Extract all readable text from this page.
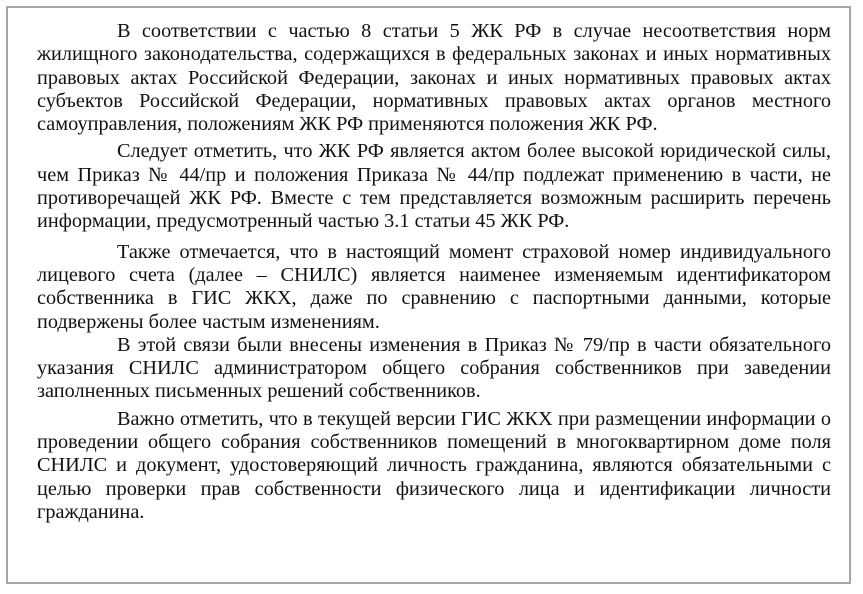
В соответствии с частью 8 статьи 5 ЖК РФ в случае несоответствия норм жилищного законодательства, содержащихся в федеральных законах и иных нормативных правовых актах Российской Федерации, законах и иных нормативных правовых актах субъектов Российской Федерации, нормативных правовых актах органов местного самоуправления, положениям ЖК РФ применяются положения ЖК РФ.

Следует отметить, что ЖК РФ является актом более высокой юридической силы, чем Приказ № 44/пр и положения Приказа № 44/пр подлежат применению в части, не противоречащей ЖК РФ. Вместе с тем представляется возможным расширить перечень информации, предусмотренный частью 3.1 статьи 45 ЖК РФ.

Также отмечается, что в настоящий момент страховой номер индивидуального лицевого счета (далее – СНИЛС) является наименее изменяемым идентификатором собственника в ГИС ЖКХ, даже по сравнению с паспортными данными, которые подвержены более частым изменениям.

В этой связи были внесены изменения в Приказ № 79/пр в части обязательного указания СНИЛС администратором общего собрания собственников при заведении заполненных письменных решений собственников.

Важно отметить, что в текущей версии ГИС ЖКХ при размещении информации о проведении общего собрания собственников помещений в многоквартирном доме поля СНИЛС и документ, удостоверяющий личность гражданина, являются обязательными с целью проверки прав собственности физического лица и идентификации личности гражданина.
